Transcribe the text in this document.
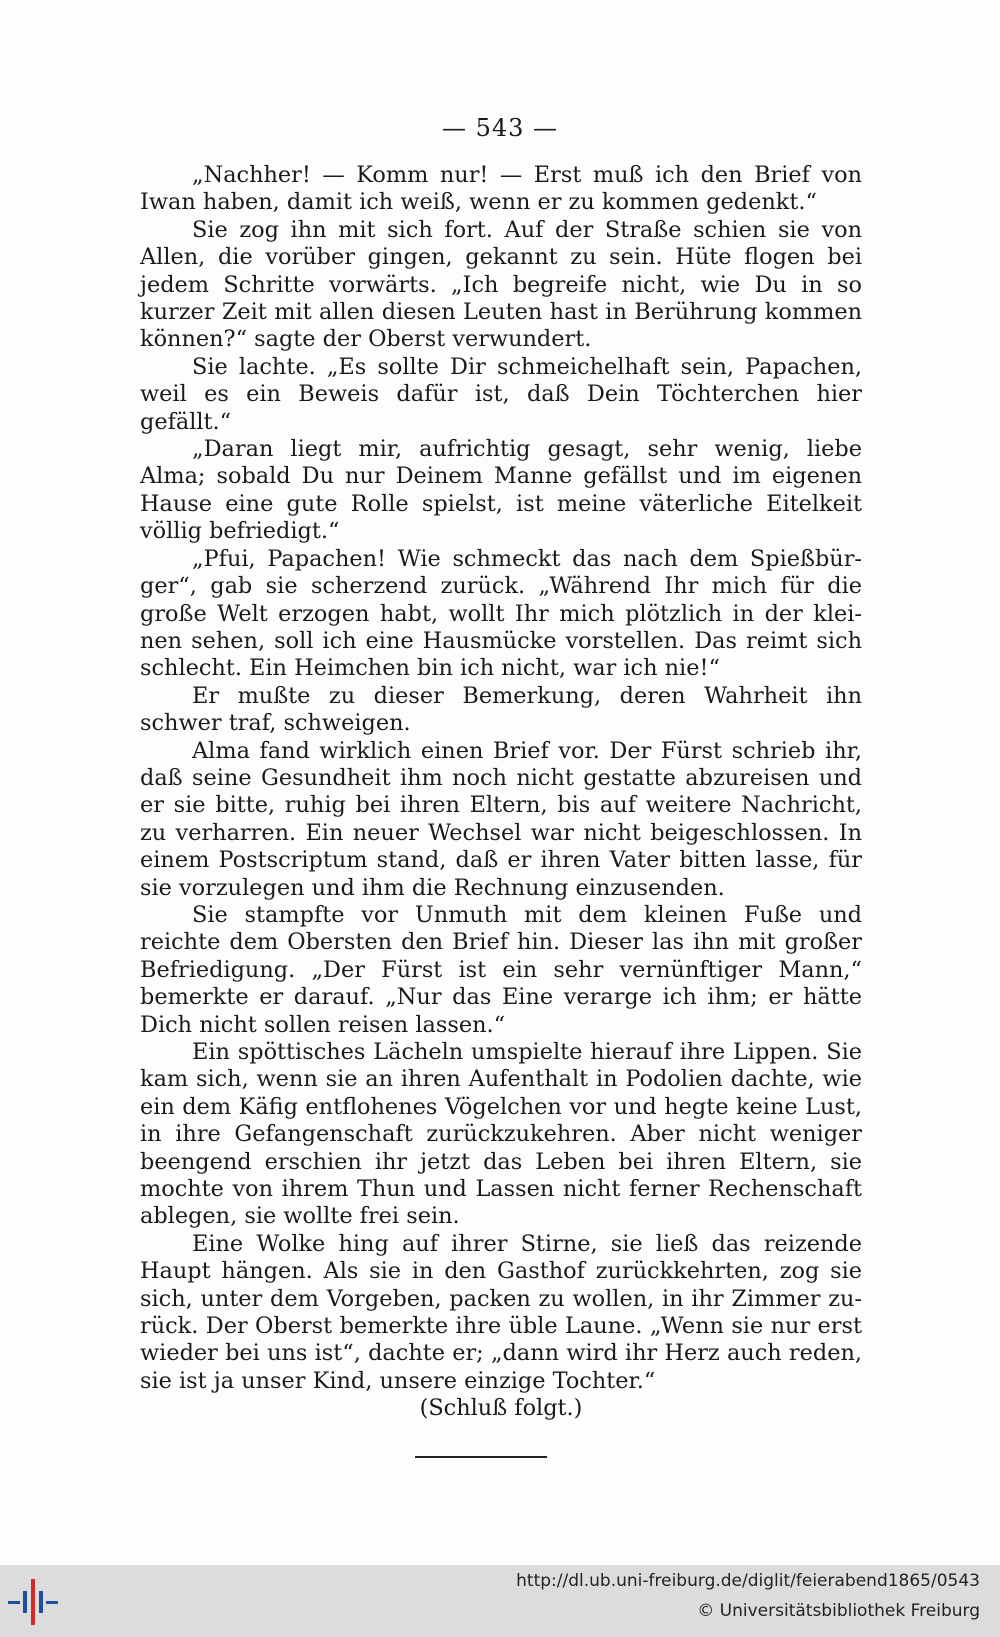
— 543 —

„Nachher! — Komm nur! — Erst muß ich den Brief von Iwan haben, damit ich weiß, wenn er zu kommen gedenkt.“

Sie zog ihn mit sich fort. Auf der Straße schien sie von Allen, die vorüber gingen, gekannt zu sein. Hüte flogen bei jedem Schritte vorwärts. „Ich begreife nicht, wie Du in so kurzer Zeit mit allen diesen Leuten hast in Berührung kommen können?“ sagte der Oberst verwundert.

Sie lachte. „Es sollte Dir schmeichelhaft sein, Papachen, weil es ein Beweis dafür ist, daß Dein Töchterchen hier gefällt.“

„Daran liegt mir, aufrichtig gesagt, sehr wenig, liebe Alma; sobald Du nur Deinem Manne gefällst und im eigenen Hause eine gute Rolle spielst, ist meine väterliche Eitelkeit völlig befriedigt.“

„Pfui, Papachen! Wie schmeckt das nach dem Spießbürger“, gab sie scherzend zurück. „Während Ihr mich für die große Welt erzogen habt, wollt Ihr mich plötzlich in der kleinen sehen, soll ich eine Hausmücke vorstellen. Das reimt sich schlecht. Ein Heimchen bin ich nicht, war ich nie!“

Er mußte zu dieser Bemerkung, deren Wahrheit ihn schwer traf, schweigen.

Alma fand wirklich einen Brief vor. Der Fürst schrieb ihr, daß seine Gesundheit ihm noch nicht gestatte abzureisen und er sie bitte, ruhig bei ihren Eltern, bis auf weitere Nachricht, zu verharren. Ein neuer Wechsel war nicht beigeschlossen. In einem Postscriptum stand, daß er ihren Vater bitten lasse, für sie vorzulegen und ihm die Rechnung einzusenden.

Sie stampfte vor Unmuth mit dem kleinen Fuße und reichte dem Obersten den Brief hin. Dieser las ihn mit großer Befriedigung. „Der Fürst ist ein sehr vernünftiger Mann,“ bemerkte er darauf. „Nur das Eine verarge ich ihm; er hätte Dich nicht sollen reisen lassen.“

Ein spöttisches Lächeln umspielte hierauf ihre Lippen. Sie kam sich, wenn sie an ihren Aufenthalt in Podolien dachte, wie ein dem Käfig entflohenes Vögelchen vor und hegte keine Lust, in ihre Gefangenschaft zurückzukehren. Aber nicht weniger beengend erschien ihr jetzt das Leben bei ihren Eltern, sie mochte von ihrem Thun und Lassen nicht ferner Rechenschaft ablegen, sie wollte frei sein.

Eine Wolke hing auf ihrer Stirne, sie ließ das reizende Haupt hängen. Als sie in den Gasthof zurückkehrten, zog sie sich, unter dem Vorgeben, packen zu wollen, in ihr Zimmer zurück. Der Oberst bemerkte ihre üble Laune. „Wenn sie nur erst wieder bei uns ist“, dachte er; „dann wird ihr Herz auch reden, sie ist ja unser Kind, unsere einzige Tochter.“

(Schluß folgt.)

http://dl.ub.uni-freiburg.de/diglit/feierabend1865/0543
© Universitätsbibliothek Freiburg
